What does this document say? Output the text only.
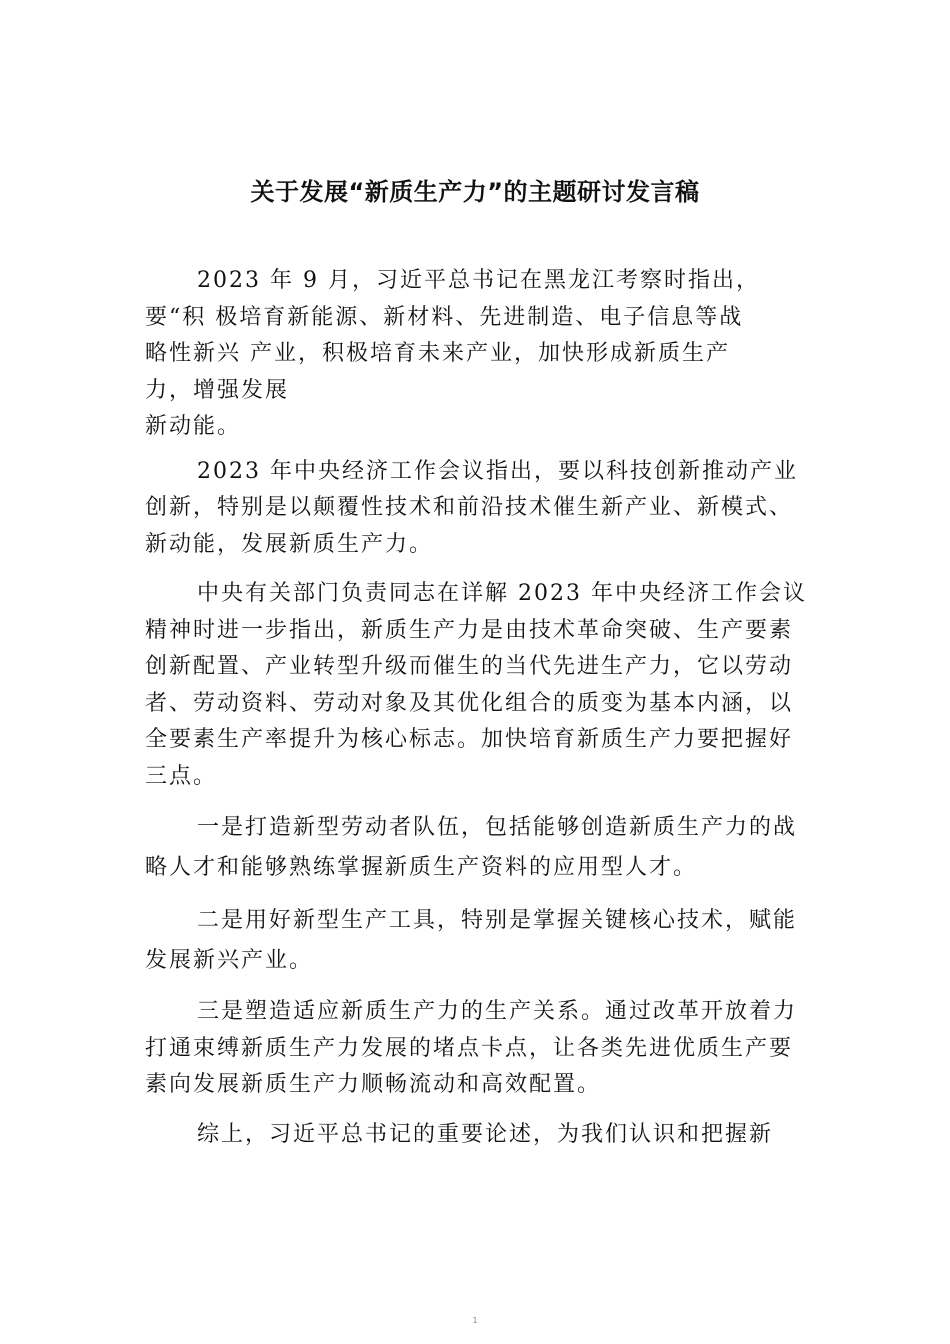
关于发展“新质生产力”的主题研讨发言稿

2023 年 9 月，习近平总书记在黑龙江考察时指出，
要“积 极培育新能源、新材料、先进制造、电子信息等战
略性新兴 产业，积极培育未来产业，加快形成新质生产
力，增强发展
新动能。

2023 年中央经济工作会议指出，要以科技创新推动产业创新，特别是以颠覆性技术和前沿技术催生新产业、新模式、新动能，发展新质生产力。

中央有关部门负责同志在详解 2023 年中央经济工作会议精神时进一步指出，新质生产力是由技术革命突破、生产要素创新配置、产业转型升级而催生的当代先进生产力，它以劳动者、劳动资料、劳动对象及其优化组合的质变为基本内涵，以全要素生产率提升为核心标志。加快培育新质生产力要把握好三点。

一是打造新型劳动者队伍，包括能够创造新质生产力的战略人才和能够熟练掌握新质生产资料的应用型人才。

二是用好新型生产工具，特别是掌握关键核心技术，赋能发展新兴产业。

三是塑造适应新质生产力的生产关系。通过改革开放着力打通束缚新质生产力发展的堵点卡点，让各类先进优质生产要素向发展新质生产力顺畅流动和高效配置。

综上，习近平总书记的重要论述，为我们认识和把握新

1
